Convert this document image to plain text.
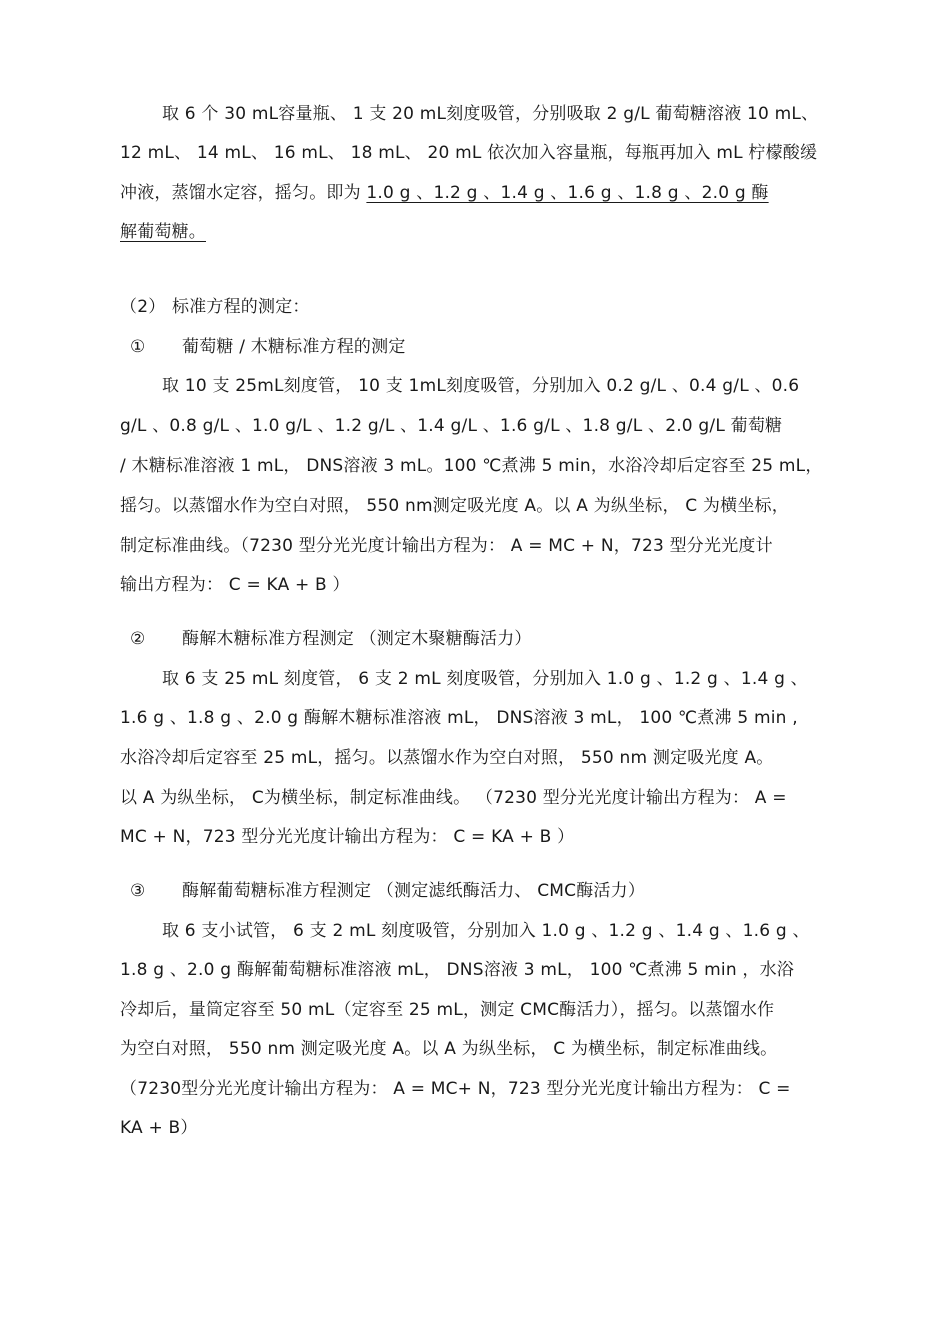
取 6 个 30 mL容量瓶、 1 支 20 mL刻度吸管，分别吸取 2 g/L 葡萄糖溶液 10 mL、
12 mL、 14 mL、 16 mL、 18 mL、 20 mL 依次加入容量瓶，每瓶再加入 mL 柠檬酸缓
冲液，蒸馏水定容，摇匀。即为 1.0 g 、1.2 g 、1.4 g 、1.6 g 、1.8 g 、2.0 g 酶
解葡萄糖。
（2） 标准方程的测定：
① 葡萄糖 / 木糖标准方程的测定
取 10 支 25mL刻度管， 10 支 1mL刻度吸管，分别加入 0.2 g/L 、0.4 g/L 、0.6
g/L 、0.8 g/L 、1.0 g/L 、1.2 g/L 、1.4 g/L 、1.6 g/L 、1.8 g/L 、2.0 g/L 葡萄糖
/ 木糖标准溶液 1 mL， DNS溶液 3 mL。100 ℃煮沸 5 min，水浴冷却后定容至 25 mL，
摇匀。以蒸馏水作为空白对照， 550 nm测定吸光度 A。以 A 为纵坐标， C 为横坐标，
制定标准曲线。（7230 型分光光度计输出方程为： A = MC + N，723 型分光光度计
输出方程为： C = KA + B ）
② 酶解木糖标准方程测定 （测定木聚糖酶活力）
取 6 支 25 mL 刻度管， 6 支 2 mL 刻度吸管，分别加入 1.0 g 、1.2 g 、1.4 g 、
1.6 g 、1.8 g 、2.0 g 酶解木糖标准溶液 mL， DNS溶液 3 mL， 100 ℃煮沸 5 min ,
水浴冷却后定容至 25 mL，摇匀。以蒸馏水作为空白对照， 550 nm 测定吸光度 A。
以 A 为纵坐标， C为横坐标，制定标准曲线。 （7230 型分光光度计输出方程为： A =
MC + N，723 型分光光度计输出方程为： C = KA + B ）
③ 酶解葡萄糖标准方程测定 （测定滤纸酶活力、 CMC酶活力）
取 6 支小试管， 6 支 2 mL 刻度吸管，分别加入 1.0 g 、1.2 g 、1.4 g 、1.6 g 、
1.8 g 、2.0 g 酶解葡萄糖标准溶液 mL， DNS溶液 3 mL， 100 ℃煮沸 5 min ，水浴
冷却后，量筒定容至 50 mL（定容至 25 mL，测定 CMC酶活力），摇匀。以蒸馏水作
为空白对照， 550 nm 测定吸光度 A。以 A 为纵坐标， C 为横坐标，制定标准曲线。
（7230型分光光度计输出方程为： A = MC+ N，723 型分光光度计输出方程为： C =
KA + B）
